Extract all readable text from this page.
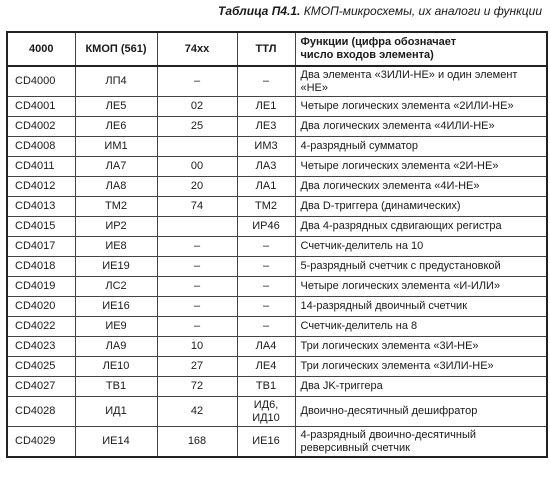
Таблица П4.1. КМОП-микросхемы, их аналоги и функции
4000	КМОП (561)	74хх	ТТЛ	Функции (цифра обозначает
число входов элемента)
CD4000	ЛП4	–	–	Два элемента «3ИЛИ-НЕ» и один элемент
«НЕ»
CD4001	ЛЕ5	02	ЛЕ1	Четыре логических элемента «2ИЛИ-НЕ»
CD4002	ЛЕ6	25	ЛЕ3	Два логических элемента «4ИЛИ-НЕ»
CD4008	ИМ1		ИМ3	4-разрядный сумматор
CD4011	ЛА7	00	ЛА3	Четыре логических элемента «2И-НЕ»
CD4012	ЛА8	20	ЛА1	Два логических элемента «4И-НЕ»
CD4013	ТМ2	74	ТМ2	Два D-триггера (динамических)
CD4015	ИР2		ИР46	Два 4-разрядных сдвигающих регистра
CD4017	ИЕ8	–	–	Счетчик-делитель на 10
CD4018	ИЕ19	–	–	5-разрядный счетчик с предустановкой
CD4019	ЛС2	–	–	Четыре логических элемента «И-ИЛИ»
CD4020	ИЕ16	–	–	14-разрядный двоичный счетчик
CD4022	ИЕ9	–	–	Счетчик-делитель на 8
CD4023	ЛА9	10	ЛА4	Три логических элемента «3И-НЕ»
CD4025	ЛЕ10	27	ЛЕ4	Три логических элемента «3ИЛИ-НЕ»
CD4027	ТВ1	72	ТВ1	Два JK-триггера
CD4028	ИД1	42	ИД6,
ИД10	Двоично-десятичный дешифратор
CD4029	ИЕ14	168	ИЕ16	4-разрядный двоично-десятичный
реверсивный счетчик
